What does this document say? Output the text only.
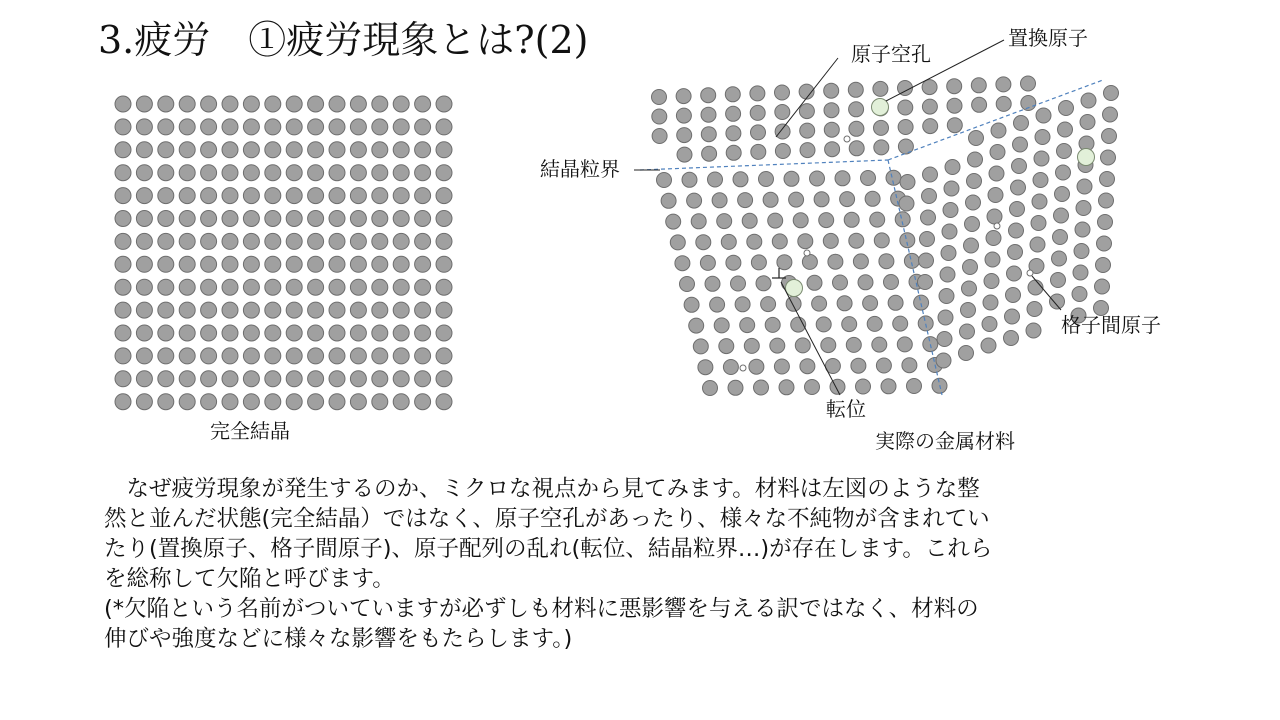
3.疲労　①疲労現象とは?(2)
完全結晶	実際の金属材料
原子空孔
置換原子
結晶粒界
格子間原子
転位
　なぜ疲労現象が発生するのか、ミクロな視点から見てみます。材料は左図のような整
然と並んだ状態(完全結晶）ではなく、原子空孔があったり、様々な不純物が含まれてい
たり(置換原子、格子間原子)、原子配列の乱れ(転位、結晶粒界…)が存在します。これら
を総称して欠陥と呼びます。
(*欠陥という名前がついていますが必ずしも材料に悪影響を与える訳ではなく、材料の
伸びや強度などに様々な影響をもたらします。)
